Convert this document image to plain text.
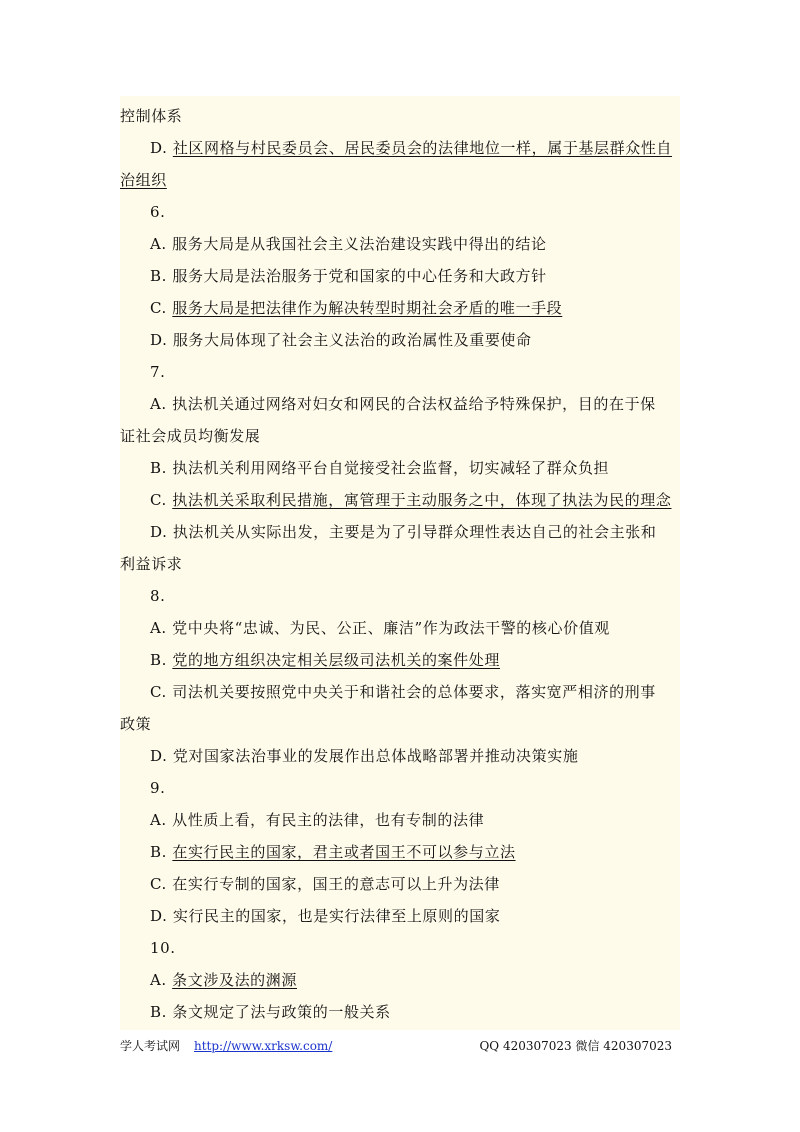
控制体系
D. 社区网格与村民委员会、居民委员会的法律地位一样，属于基层群众性自
治组织
6.
A. 服务大局是从我国社会主义法治建设实践中得出的结论
B. 服务大局是法治服务于党和国家的中心任务和大政方针
C. 服务大局是把法律作为解决转型时期社会矛盾的唯一手段
D. 服务大局体现了社会主义法治的政治属性及重要使命
7.
A. 执法机关通过网络对妇女和网民的合法权益给予特殊保护，目的在于保
证社会成员均衡发展
B. 执法机关利用网络平台自觉接受社会监督，切实减轻了群众负担
C. 执法机关采取利民措施，寓管理于主动服务之中，体现了执法为民的理念
D. 执法机关从实际出发，主要是为了引导群众理性表达自己的社会主张和
利益诉求
8.
A. 党中央将“忠诚、为民、公正、廉洁”作为政法干警的核心价值观
B. 党的地方组织决定相关层级司法机关的案件处理
C. 司法机关要按照党中央关于和谐社会的总体要求，落实宽严相济的刑事
政策
D. 党对国家法治事业的发展作出总体战略部署并推动决策实施
9.
A. 从性质上看，有民主的法律，也有专制的法律
B. 在实行民主的国家，君主或者国王不可以参与立法
C. 在实行专制的国家，国王的意志可以上升为法律
D. 实行民主的国家，也是实行法律至上原则的国家
10.
A. 条文涉及法的渊源
B. 条文规定了法与政策的一般关系
学人考试网 http://www.xrksw.com/	QQ 420307023 微信 420307023
